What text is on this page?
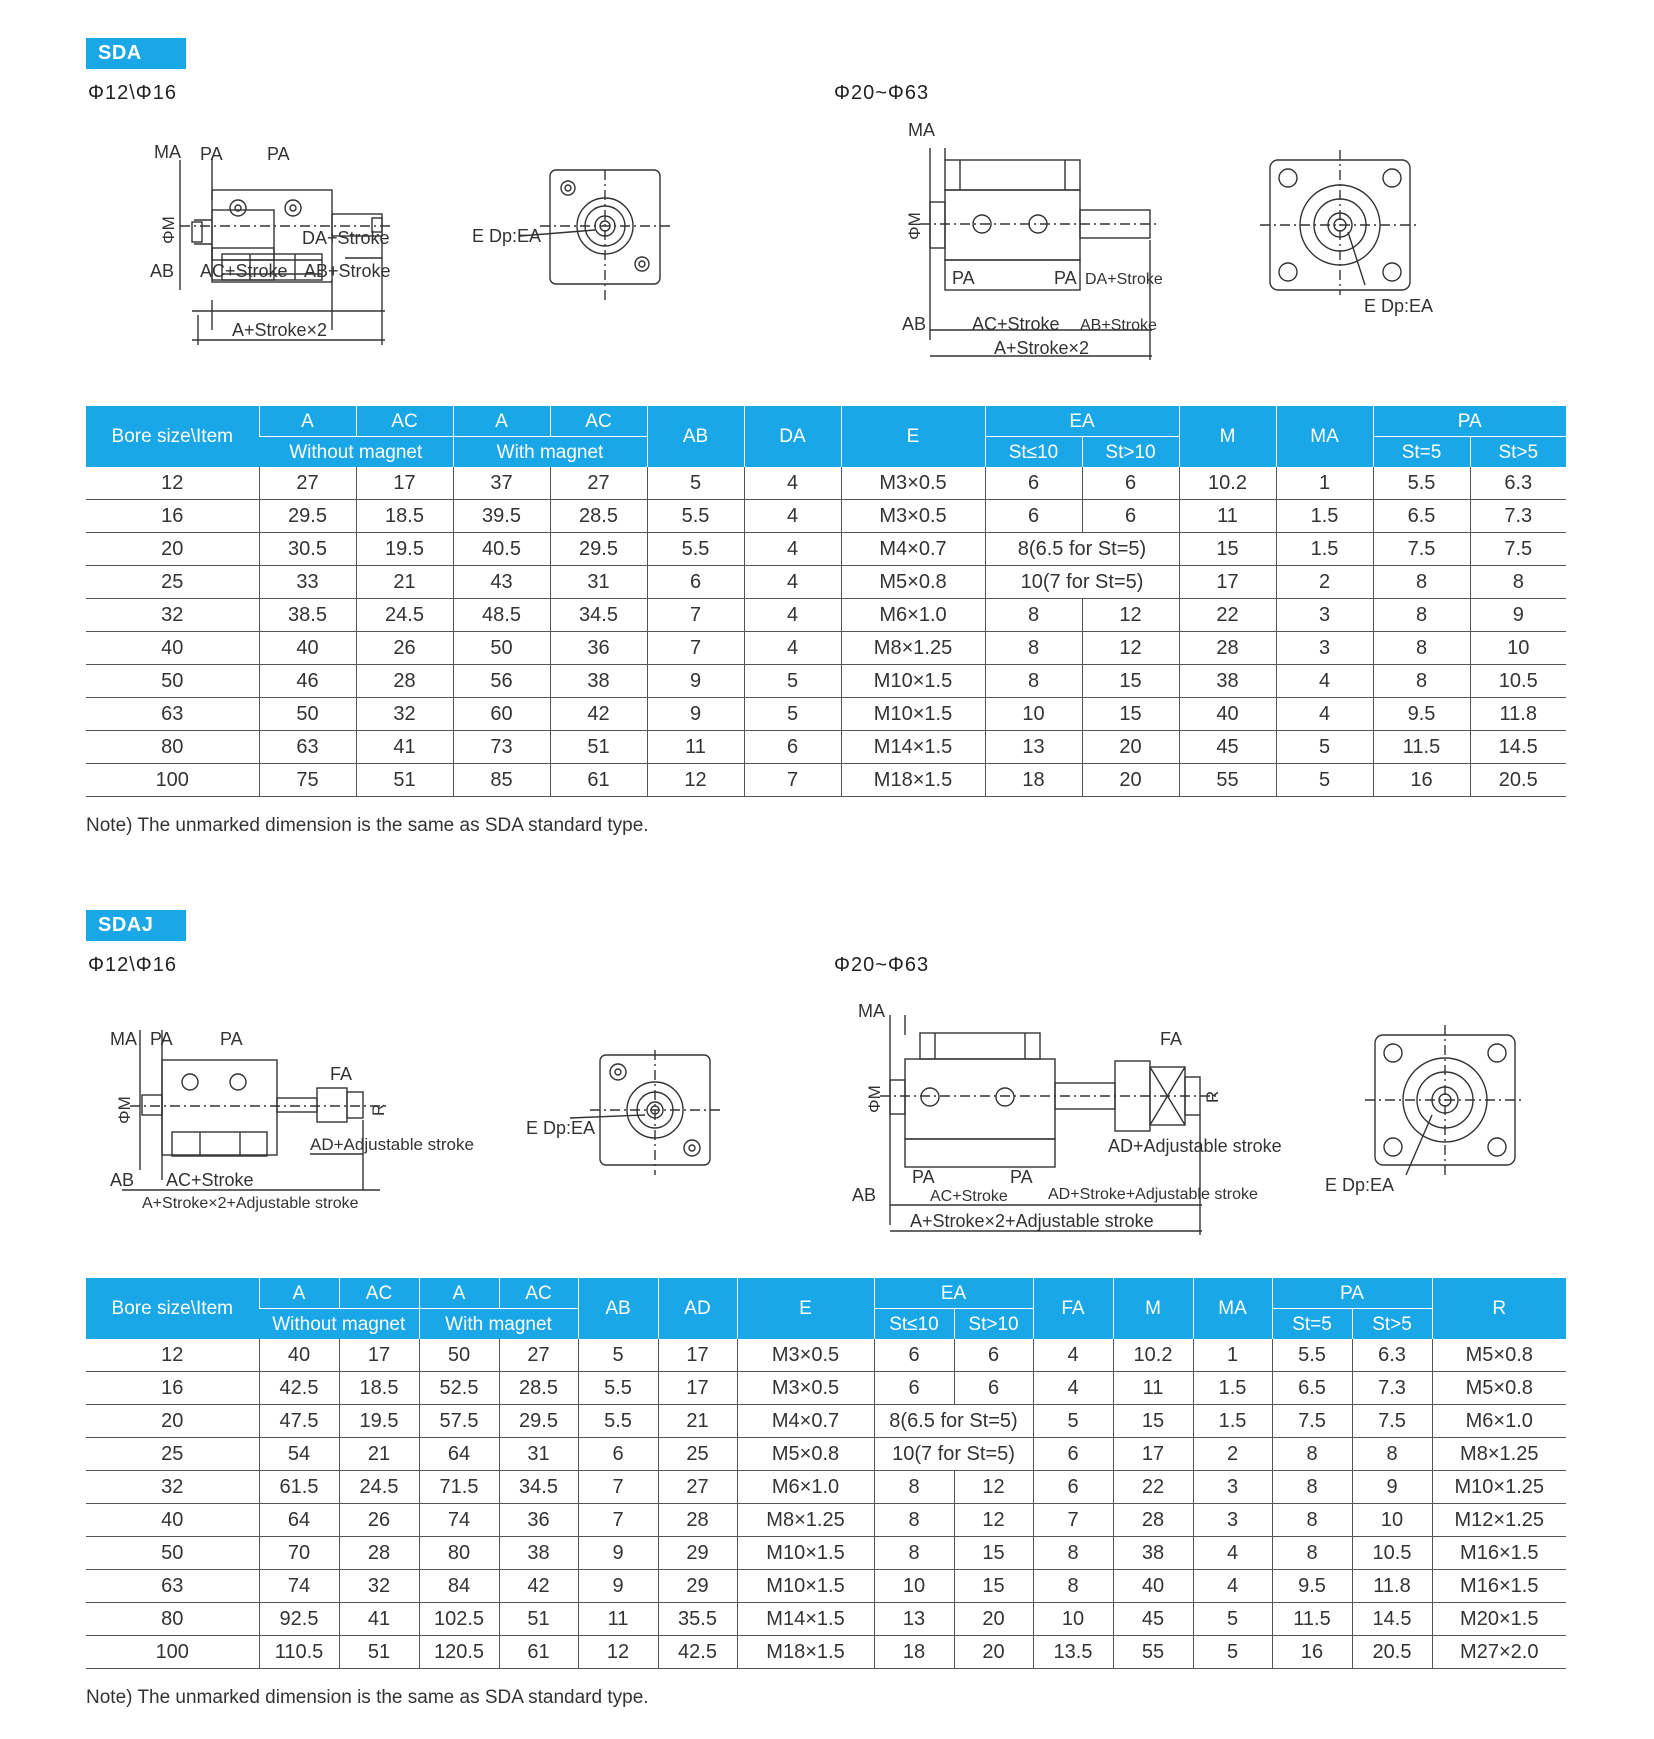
SDA
Φ12\Φ16	Φ20~Φ63
MA PA PA
ΦM	DA+Stroke
AB AC+Stroke AB+Stroke
A+Stroke×2
E Dp:EA
MA
ΦM
PA	PA DA+Stroke
AB	AC+Stroke AB+Stroke
A+Stroke×2
E Dp:EA
Bore size\Item	A	AC	A	AC	AB	DA	E	EA		M	MA	PA	
	Without magnet		With magnet					St≤10	St>10			St=5	St>5
12	27	17	37	27	5	4	M3×0.5	6	6	10.2	1	5.5	6.3
16	29.5	18.5	39.5	28.5	5.5	4	M3×0.5	6	6	11	1.5	6.5	7.3
20	30.5	19.5	40.5	29.5	5.5	4	M4×0.7	8(6.5 for St=5)		15	1.5	7.5	7.5
25	33	21	43	31	6	4	M5×0.8	10(7 for St=5)		17	2	8	8
32	38.5	24.5	48.5	34.5	7	4	M6×1.0	8	12	22	3	8	9
40	40	26	50	36	7	4	M8×1.25	8	12	28	3	8	10
50	46	28	56	38	9	5	M10×1.5	8	15	38	4	8	10.5
63	50	32	60	42	9	5	M10×1.5	10	15	40	4	9.5	11.8
80	63	41	73	51	11	6	M14×1.5	13	20	45	5	11.5	14.5
100	75	51	85	61	12	7	M18×1.5	18	20	55	5	16	20.5
Note) The unmarked dimension is the same as SDA standard type.
SDAJ
Φ12\Φ16	Φ20~Φ63
MA PA	PA
FA
ΦM	R
AD+Adjustable stroke
AB AC+Stroke
A+Stroke×2+Adjustable stroke
E Dp:EA
MA
FA
ΦM	R
AD+Adjustable stroke
PA	PA
AB	AC+Stroke	AD+Stroke+Adjustable stroke
A+Stroke×2+Adjustable stroke
E Dp:EA
Bore size\Item	A	AC	A	AC	AB	AD	E	EA		FA	M	MA	PA		R
	Without magnet		With magnet					St≤10	St>10				St=5	St>5	
12	40	17	50	27	5	17	M3×0.5	6	6	4	10.2	1	5.5	6.3	M5×0.8
16	42.5	18.5	52.5	28.5	5.5	17	M3×0.5	6	6	4	11	1.5	6.5	7.3	M5×0.8
20	47.5	19.5	57.5	29.5	5.5	21	M4×0.7	8(6.5 for St=5)		5	15	1.5	7.5	7.5	M6×1.0
25	54	21	64	31	6	25	M5×0.8	10(7 for St=5)		6	17	2	8	8	M8×1.25
32	61.5	24.5	71.5	34.5	7	27	M6×1.0	8	12	6	22	3	8	9	M10×1.25
40	64	26	74	36	7	28	M8×1.25	8	12	7	28	3	8	10	M12×1.25
50	70	28	80	38	9	29	M10×1.5	8	15	8	38	4	8	10.5	M16×1.5
63	74	32	84	42	9	29	M10×1.5	10	15	8	40	4	9.5	11.8	M16×1.5
80	92.5	41	102.5	51	11	35.5	M14×1.5	13	20	10	45	5	11.5	14.5	M20×1.5
100	110.5	51	120.5	61	12	42.5	M18×1.5	18	20	13.5	55	5	16	20.5	M27×2.0
Note) The unmarked dimension is the same as SDA standard type.
